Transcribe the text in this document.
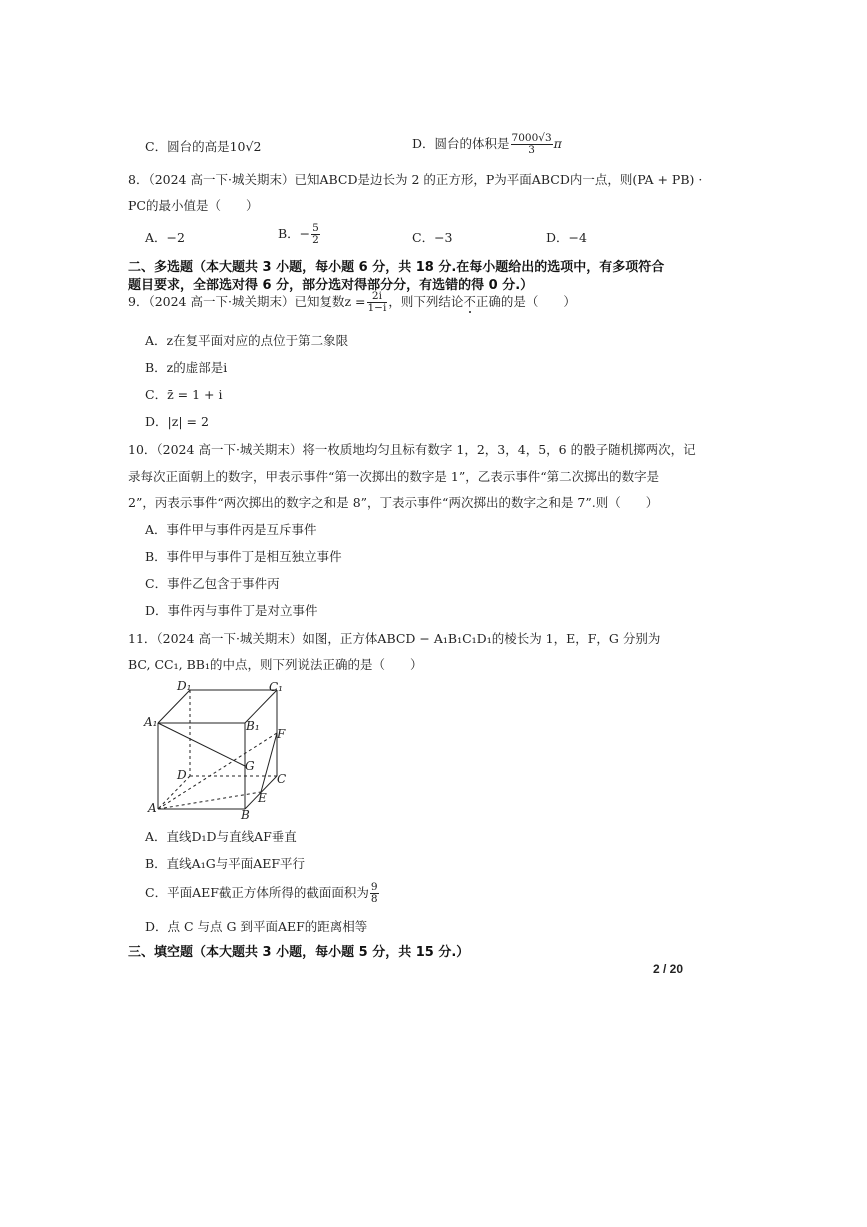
C．圆台的高是10√2	D．圆台的体积是 $\frac{7000√3}{3}$ π
8．（2024 高一下·城关期末）已知ABCD是边长为 2 的正方形，P为平面ABCD内一点，则(PA + PB) ·
PC的最小值是（　　）
A．−2	B．− $\frac{5}{2}$	C．−3	D．−4
二、多选题（本大题共 3 小题，每小题 6 分，共 18 分.在每小题给出的选项中，有多项符合
题目要求，全部选对得 6 分，部分选对得部分分，有选错的得 0 分.）
9．（2024 高一下·城关期末）已知复数$z = \frac{2i}{1-i}$ ，则下列结论不正确的是（　　）
A．z在复平面对应的点位于第二象限
B．z的虚部是i
C．z̄ = 1 + i
D．|z| = 2
10．（2024 高一下·城关期末）将一枚质地均匀且标有数字 1，2，3，4，5，6 的骰子随机掷两次，记
录每次正面朝上的数字，甲表示事件“第一次掷出的数字是 1”，乙表示事件“第二次掷出的数字是
2”，丙表示事件“两次掷出的数字之和是 8”，丁表示事件“两次掷出的数字之和是 7”.则（　　）
A．事件甲与事件丙是互斥事件
B．事件甲与事件丁是相互独立事件
C．事件乙包含于事件丙
D．事件丙与事件丁是对立事件
11．（2024 高一下·城关期末）如图，正方体ABCD − A₁B₁C₁D₁的棱长为 1，E，F，G 分别为
BC, CC₁, BB₁的中点，则下列说法正确的是（　　）
D₁	C₁
A₁	B₁
F
G
D	C
A
E
B
A．直线D₁D与直线AF垂直
B．直线A₁G与平面AEF平行
C．平面AEF截正方体所得的截面面积为 $\frac{9}{8}$
D．点 C 与点 G 到平面AEF的距离相等
三、填空题（本大题共 3 小题，每小题 5 分，共 15 分.）
2 / 20
